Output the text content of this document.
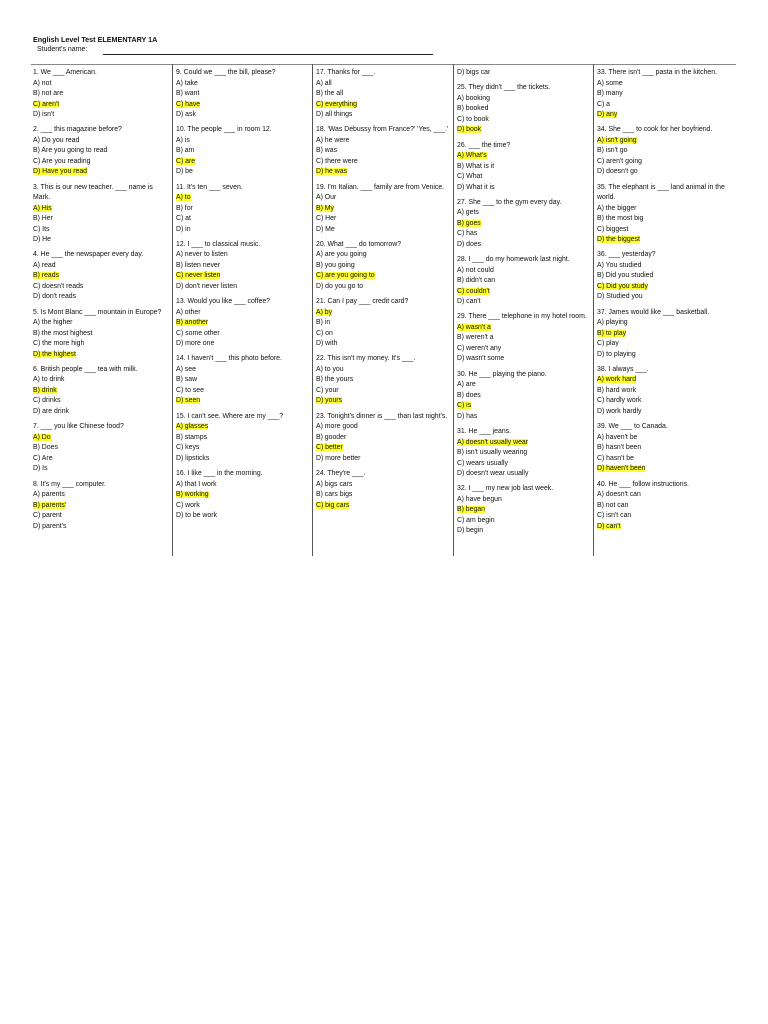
English Level Test ELEMENTARY 1A
Student's name:
1. We ___ American.
A) not
B) not are
C) aren't
D) isn't
2. ___ this magazine before?
A) Do you read
B) Are you going to read
C) Are you reading
D) Have you read
3. This is our new teacher. ___ name is Mark.
A) His
B) Her
C) Its
D) He
4. He ___ the newspaper every day.
A) read
B) reads
C) doesn't reads
D) don't reads
5. Is Mont Blanc ___ mountain in Europe?
A) the higher
B) the most highest
C) the more high
D) the highest
6. British people ___ tea with milk.
A) to drink
B) drink
C) drinks
D) are drink
7. ___ you like Chinese food?
A) Do
B) Does
C) Are
D) Is
8. It's my ___ computer.
A) parents
B) parents'
C) parent
D) parent's
9. Could we ___ the bill, please?
A) take
B) want
C) have
D) ask
10. The people ___ in room 12.
A) is
B) am
C) are
D) be
11. It's ten ___ seven.
A) to
B) for
C) at
D) in
12. I ___ to classical music.
A) never to listen
B) listen never
C) never listen
D) don't never listen
13. Would you like ___ coffee?
A) other
B) another
C) some other
D) more one
14. I haven't ___ this photo before.
A) see
B) saw
C) to see
D) seen
15. I can't see. Where are my ___?
A) glasses
B) stamps
C) keys
D) lipsticks
16. I like ___ in the morning.
A) that I work
B) working
C) work
D) to be work
17. Thanks for ___.
A) all
B) the all
C) everything
D) all things
18. 'Was Debussy from France?' 'Yes, ___.'
A) he were
B) was
C) there were
D) he was
19. I'm Italian. ___ family are from Venice.
A) Our
B) My
C) Her
D) Me
20. What ___ do tomorrow?
A) are you going
B) you going
C) are you going to
D) do you go to
21. Can I pay ___ credit card?
A) by
B) in
C) on
D) with
22. This isn't my money. It's ___.
A) to you
B) the yours
C) your
D) yours
23. Tonight's dinner is ___ than last night's.
A) more good
B) gooder
C) better
D) more better
24. They're ___.
A) bigs cars
B) cars bigs
C) big cars
D) bigs car
25. They didn't ___ the tickets.
A) booking
B) booked
C) to book
D) book
26. ___ the time?
A) What's
B) What is it
C) What
D) What it is
27. She ___ to the gym every day.
A) gets
B) goes
C) has
D) does
28. I ___ do my homework last night.
A) not could
B) didn't can
C) couldn't
D) can't
29. There ___ telephone in my hotel room.
A) wasn't a
B) weren't a
C) weren't any
D) wasn't some
30. He ___ playing the piano.
A) are
B) does
C) is
D) has
31. He ___ jeans.
A) doesn't usually wear
B) isn't usually wearing
C) wears usually
D) doesn't wear usually
32. I ___ my new job last week.
A) have begun
B) began
C) am begin
D) begin
33. There isn't ___ pasta in the kitchen.
A) some
B) many
C) a
D) any
34. She ___ to cook for her boyfriend.
A) isn't going
B) isn't go
C) aren't going
D) doesn't go
35. The elephant is ___ land animal in the world.
A) the bigger
B) the most big
C) biggest
D) the biggest
36. ___ yesterday?
A) You studied
B) Did you studied
C) Did you study
D) Studied you
37. James would like ___ basketball.
A) playing
B) to play
C) play
D) to playing
38. I always ___.
A) work hard
B) hard work
C) hardly work
D) work hardly
39. We ___ to Canada.
A) haven't be
B) hasn't been
C) hasn't be
D) haven't been
40. He ___ follow instructions.
A) doesn't can
B) not can
C) isn't can
D) can't
